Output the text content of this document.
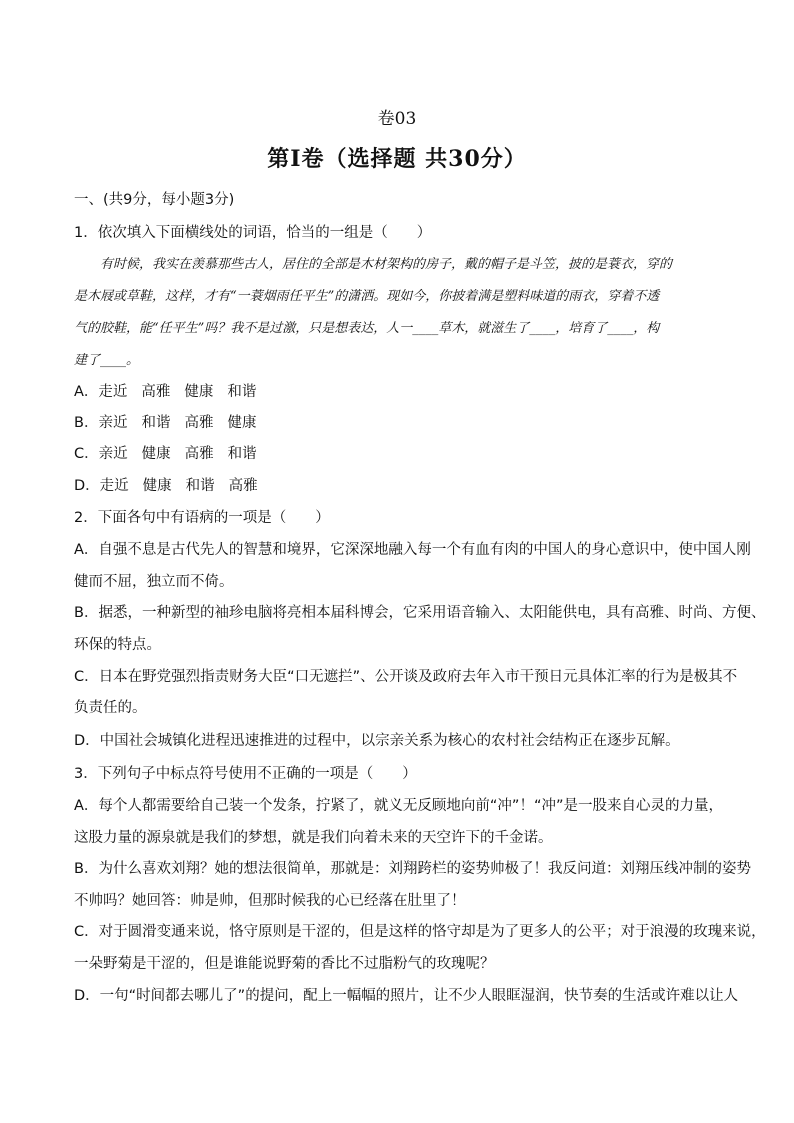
卷03
第I卷（选择题 共30分）
一、(共9分，每小题3分)
1．依次填入下面横线处的词语，恰当的一组是（　　）
有时候，我实在羡慕那些古人，居住的全部是木材架构的房子，戴的帽子是斗笠，披的是蓑衣，穿的
是木屐或草鞋，这样，才有“一蓑烟雨任平生”的潇洒。现如今，你披着满是塑料味道的雨衣，穿着不透
气的胶鞋，能“任平生”吗？我不是过激，只是想表达，人一____草木，就滋生了____，培育了____，构
建了____。
A．走近 高雅 健康 和谐
B．亲近 和谐 高雅 健康
C．亲近 健康 高雅 和谐
D．走近 健康 和谐 高雅
2．下面各句中有语病的一项是（　　）
A．自强不息是古代先人的智慧和境界，它深深地融入每一个有血有肉的中国人的身心意识中，使中国人刚
健而不屈，独立而不倚。
B．据悉，一种新型的袖珍电脑将亮相本届科博会，它采用语音输入、太阳能供电，具有高雅、时尚、方便、
环保的特点。
C．日本在野党强烈指责财务大臣“口无遮拦”、公开谈及政府去年入市干预日元具体汇率的行为是极其不
负责任的。
D．中国社会城镇化进程迅速推进的过程中，以宗亲关系为核心的农村社会结构正在逐步瓦解。
3．下列句子中标点符号使用不正确的一项是（　　）
A．每个人都需要给自己装一个发条，拧紧了，就义无反顾地向前“冲”！“冲”是一股来自心灵的力量，
这股力量的源泉就是我们的梦想，就是我们向着未来的天空许下的千金诺。
B．为什么喜欢刘翔？她的想法很简单，那就是：刘翔跨栏的姿势帅极了！我反问道：刘翔压线冲制的姿势
不帅吗？她回答：帅是帅，但那时候我的心已经落在肚里了！
C．对于圆滑变通来说，恪守原则是干涩的，但是这样的恪守却是为了更多人的公平；对于浪漫的玫瑰来说，
一朵野菊是干涩的，但是谁能说野菊的香比不过脂粉气的玫瑰呢？
D．一句“时间都去哪儿了”的提问，配上一幅幅的照片，让不少人眼眶湿润，快节奏的生活或许难以让人
